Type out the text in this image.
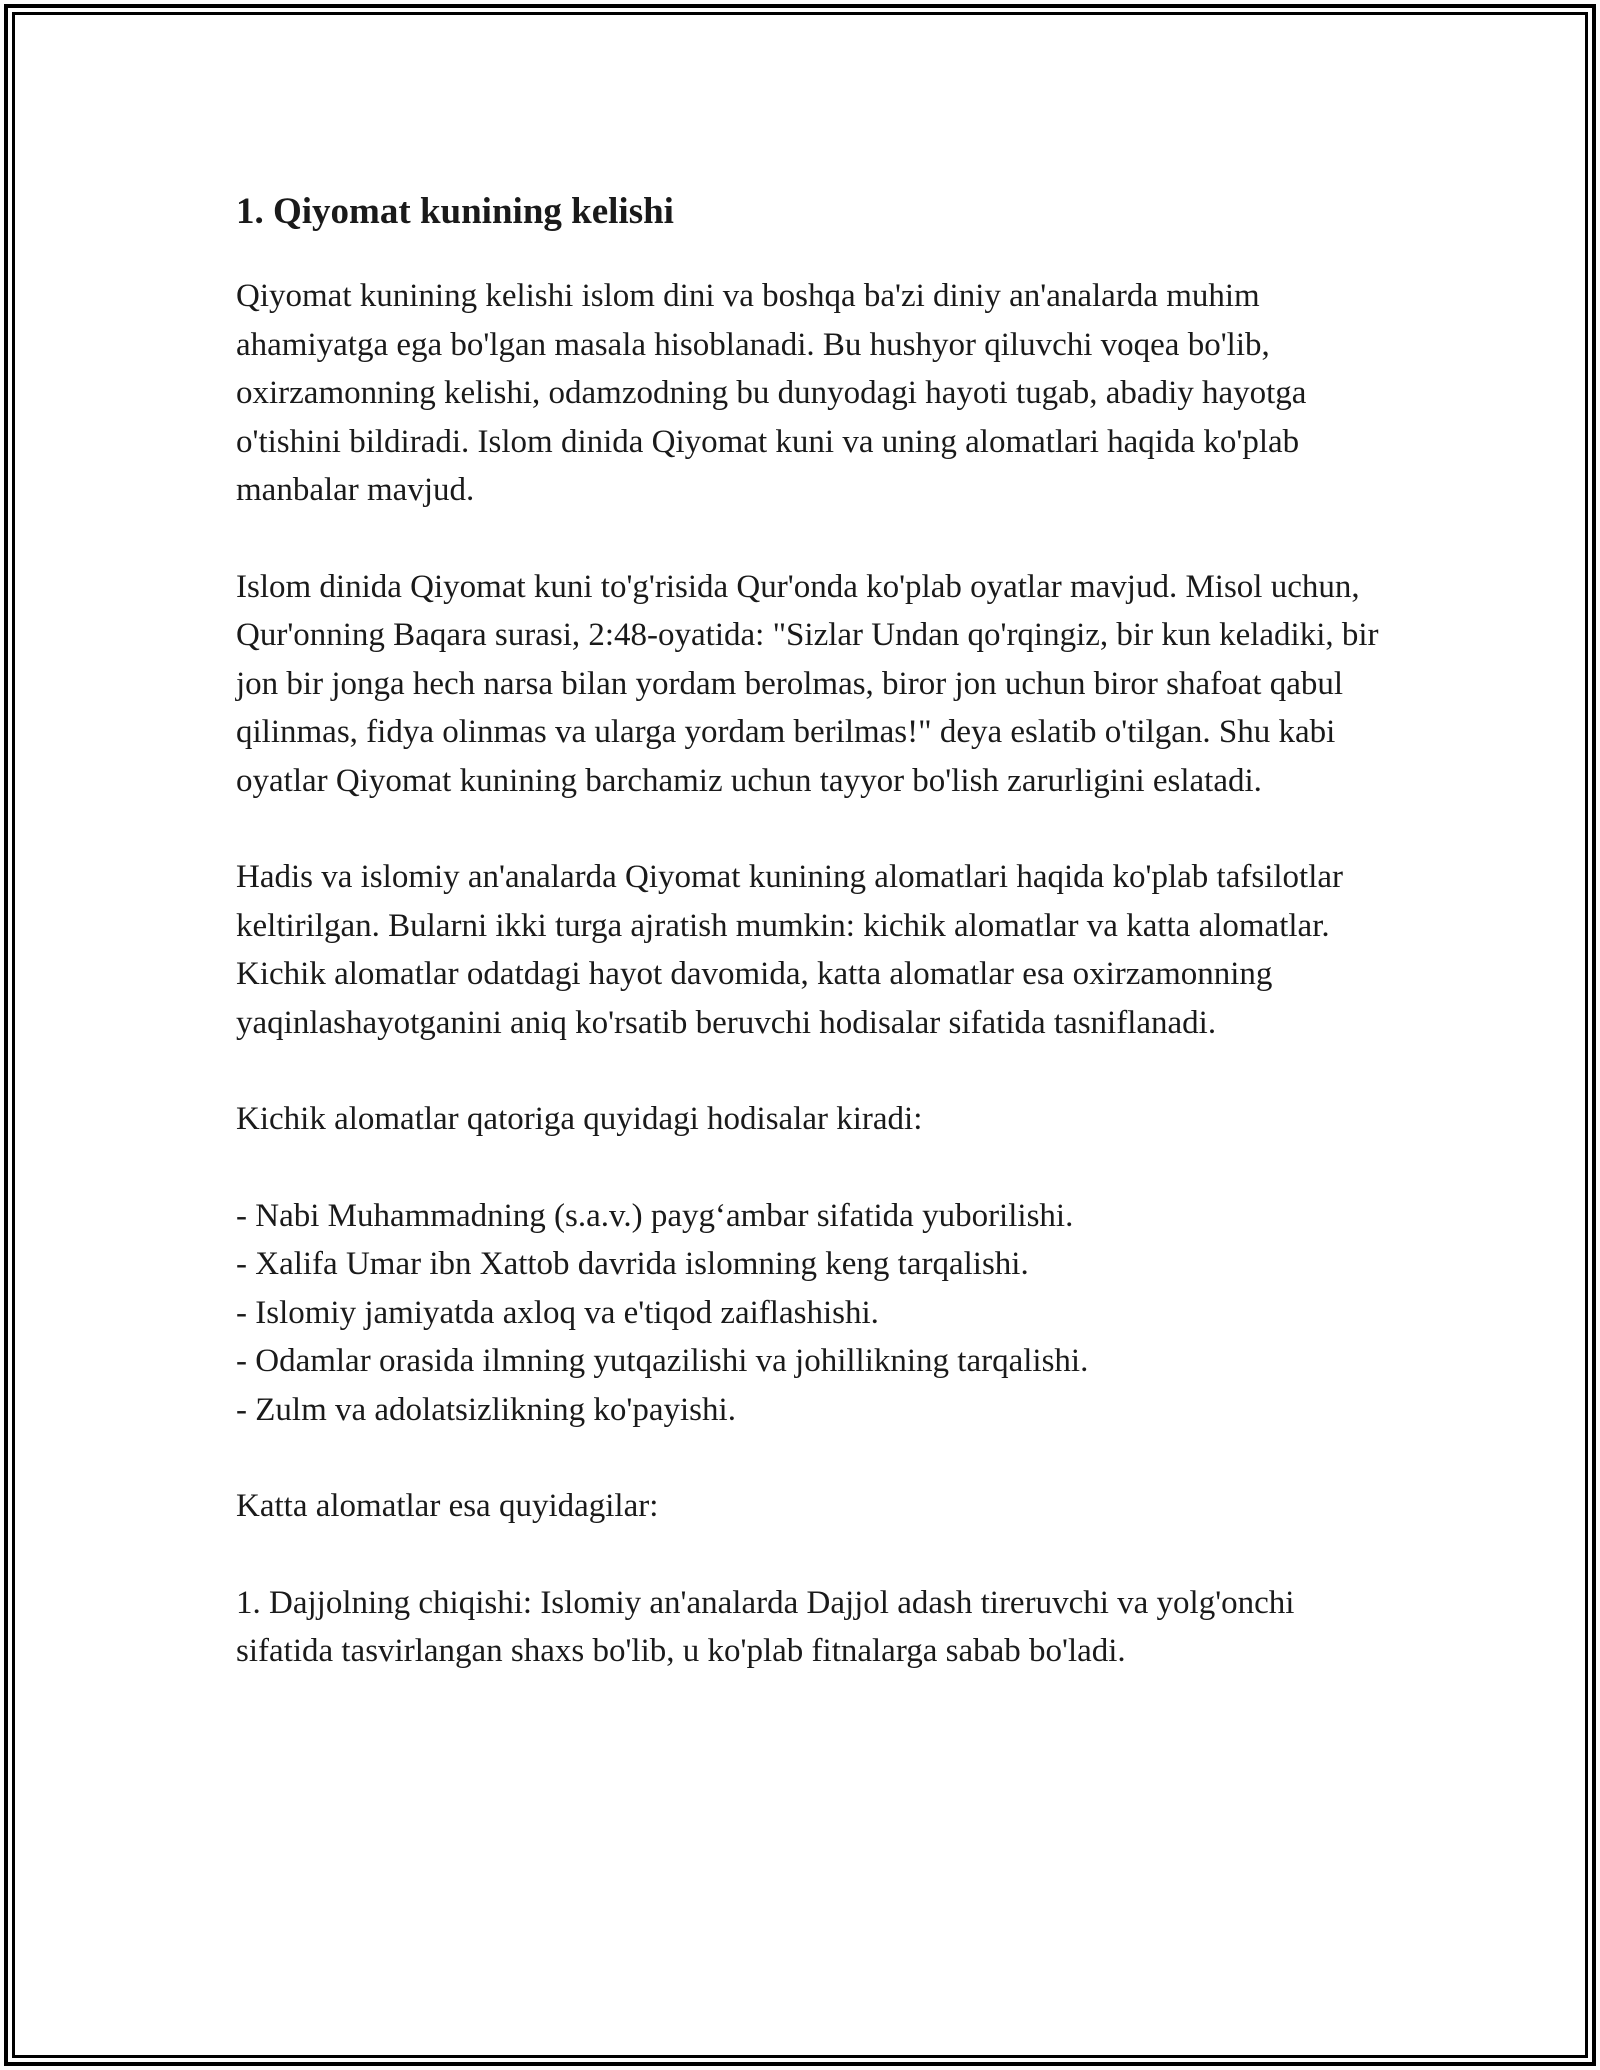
1. Qiyomat kunining kelishi

Qiyomat kunining kelishi islom dini va boshqa ba'zi diniy an'analarda muhim ahamiyatga ega bo'lgan masala hisoblanadi. Bu hushyor qiluvchi voqea bo'lib, oxirzamonning kelishi, odamzodning bu dunyodagi hayoti tugab, abadiy hayotga o'tishini bildiradi. Islom dinida Qiyomat kuni va uning alomatlari haqida ko'plab manbalar mavjud.

Islom dinida Qiyomat kuni to'g'risida Qur'onda ko'plab oyatlar mavjud. Misol uchun, Qur'onning Baqara surasi, 2:48-oyatida: "Sizlar Undan qo'rqingiz, bir kun keladiki, bir jon bir jonga hech narsa bilan yordam berolmas, biror jon uchun biror shafoat qabul qilinmas, fidya olinmas va ularga yordam berilmas!" deya eslatib o'tilgan. Shu kabi oyatlar Qiyomat kunining barchamiz uchun tayyor bo'lish zarurligini eslatadi.

Hadis va islomiy an'analarda Qiyomat kunining alomatlari haqida ko'plab tafsilotlar keltirilgan. Bularni ikki turga ajratish mumkin: kichik alomatlar va katta alomatlar. Kichik alomatlar odatdagi hayot davomida, katta alomatlar esa oxirzamonning yaqinlashayotganini aniq ko'rsatib beruvchi hodisalar sifatida tasniflanadi.

Kichik alomatlar qatoriga quyidagi hodisalar kiradi:

- Nabi Muhammadning (s.a.v.) payg‘ambar sifatida yuborilishi.
- Xalifa Umar ibn Xattob davrida islomning keng tarqalishi.
- Islomiy jamiyatda axloq va e'tiqod zaiflashishi.
- Odamlar orasida ilmning yutqazilishi va johillikning tarqalishi.
- Zulm va adolatsizlikning ko'payishi.

Katta alomatlar esa quyidagilar:

1. Dajjolning chiqishi: Islomiy an'analarda Dajjol adash tireruvchi va yolg'onchi sifatida tasvirlangan shaxs bo'lib, u ko'plab fitnalarga sabab bo'ladi.
